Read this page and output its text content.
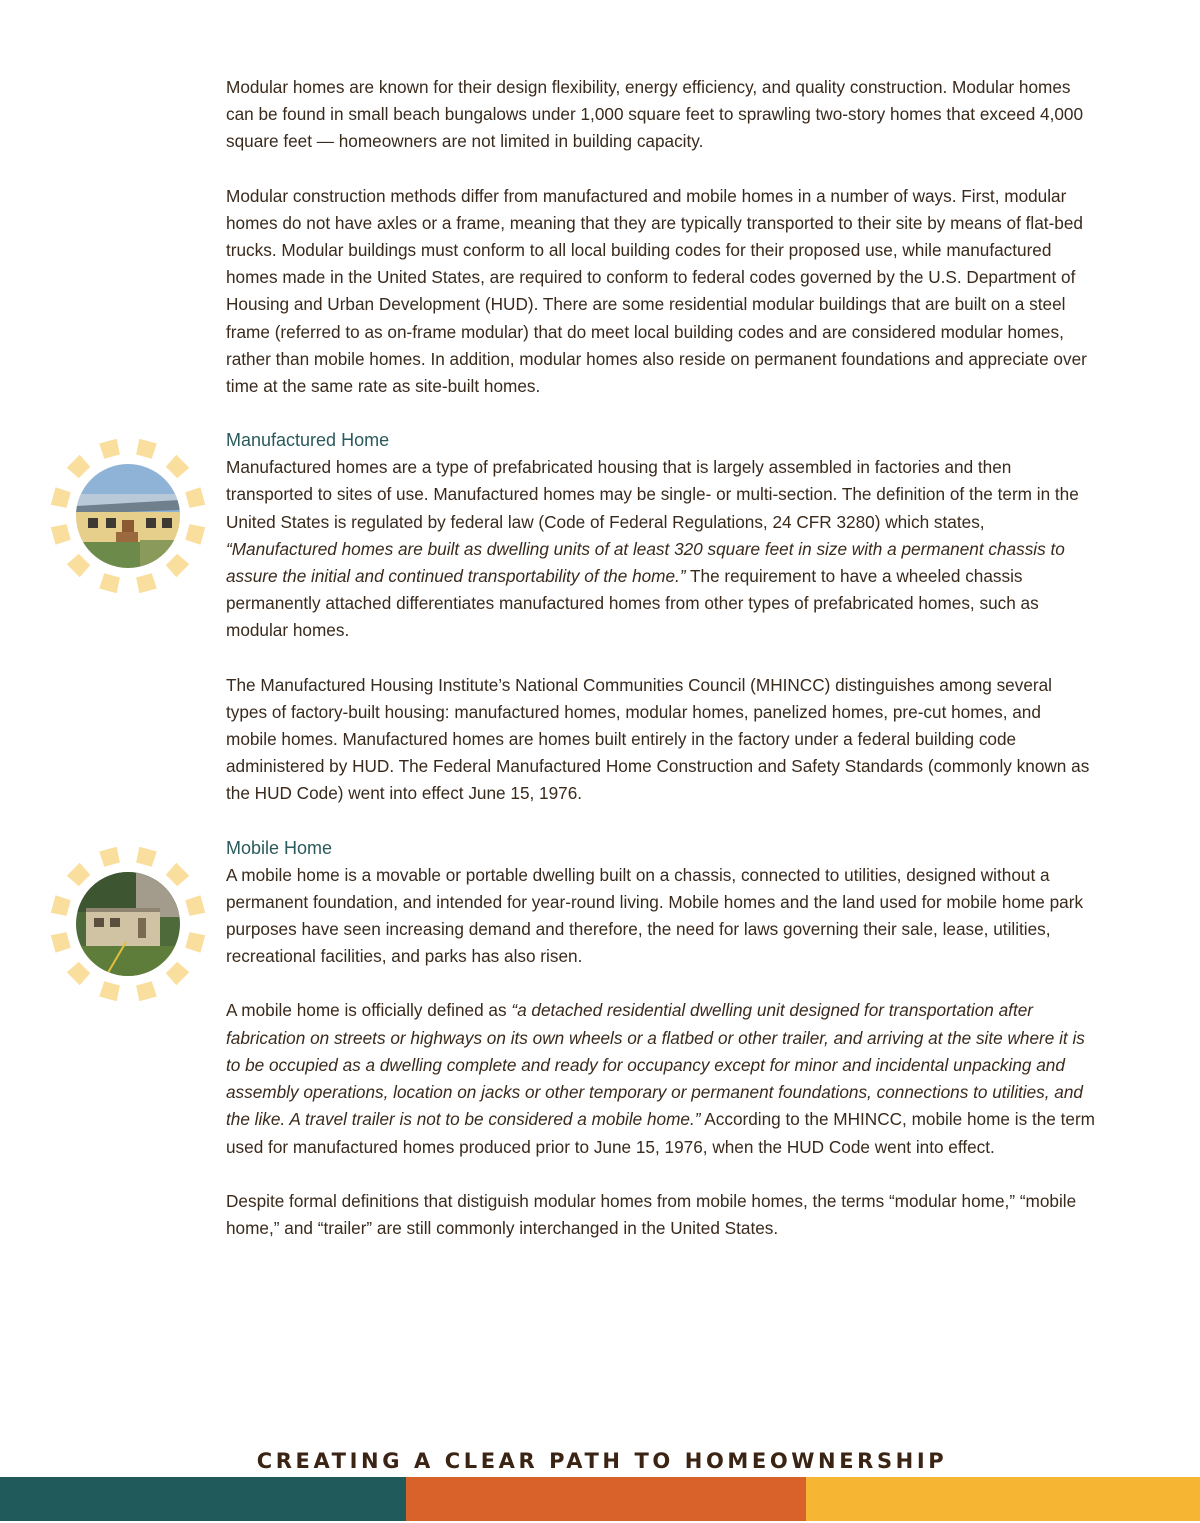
Modular homes are known for their design flexibility, energy efficiency, and quality construction. Modular homes can be found in small beach bungalows under 1,000 square feet to sprawling two-story homes that exceed 4,000 square feet — homeowners are not limited in building capacity.

Modular construction methods differ from manufactured and mobile homes in a number of ways. First, modular homes do not have axles or a frame, meaning that they are typically transported to their site by means of flat-bed trucks. Modular buildings must conform to all local building codes for their proposed use, while manufactured homes made in the United States, are required to conform to federal codes governed by the U.S. Department of Housing and Urban Development (HUD). There are some residential modular buildings that are built on a steel frame (referred to as on-frame modular) that do meet local building codes and are considered modular homes, rather than mobile homes. In addition, modular homes also reside on permanent foundations and appreciate over time at the same rate as site-built homes.

Manufactured Home

Manufactured homes are a type of prefabricated housing that is largely assembled in factories and then transported to sites of use. Manufactured homes may be single- or multi-section. The definition of the term in the United States is regulated by federal law (Code of Federal Regulations, 24 CFR 3280) which states, “Manufactured homes are built as dwelling units of at least 320 square feet in size with a permanent chassis to assure the initial and continued transportability of the home.” The requirement to have a wheeled chassis permanently attached differentiates manufactured homes from other types of prefabricated homes, such as modular homes.

The Manufactured Housing Institute’s National Communities Council (MHINCC) distinguishes among several types of factory-built housing: manufactured homes, modular homes, panelized homes, pre-cut homes, and mobile homes. Manufactured homes are homes built entirely in the factory under a federal building code administered by HUD. The Federal Manufactured Home Construction and Safety Standards (commonly known as the HUD Code) went into effect June 15, 1976.

Mobile Home

A mobile home is a movable or portable dwelling built on a chassis, connected to utilities, designed without a permanent foundation, and intended for year-round living. Mobile homes and the land used for mobile home park purposes have seen increasing demand and therefore, the need for laws governing their sale, lease, utilities, recreational facilities, and parks has also risen.

A mobile home is officially defined as “a detached residential dwelling unit designed for transportation after fabrication on streets or highways on its own wheels or a flatbed or other trailer, and arriving at the site where it is to be occupied as a dwelling complete and ready for occupancy except for minor and incidental unpacking and assembly operations, location on jacks or other temporary or permanent foundations, connections to utilities, and the like. A travel trailer is not to be considered a mobile home.” According to the MHINCC, mobile home is the term used for manufactured homes produced prior to June 15, 1976, when the HUD Code went into effect.

Despite formal definitions that distiguish modular homes from mobile homes, the terms “modular home,” “mobile home,” and “trailer” are still commonly interchanged in the United States.

CREATING A CLEAR PATH TO HOMEOWNERSHIP
